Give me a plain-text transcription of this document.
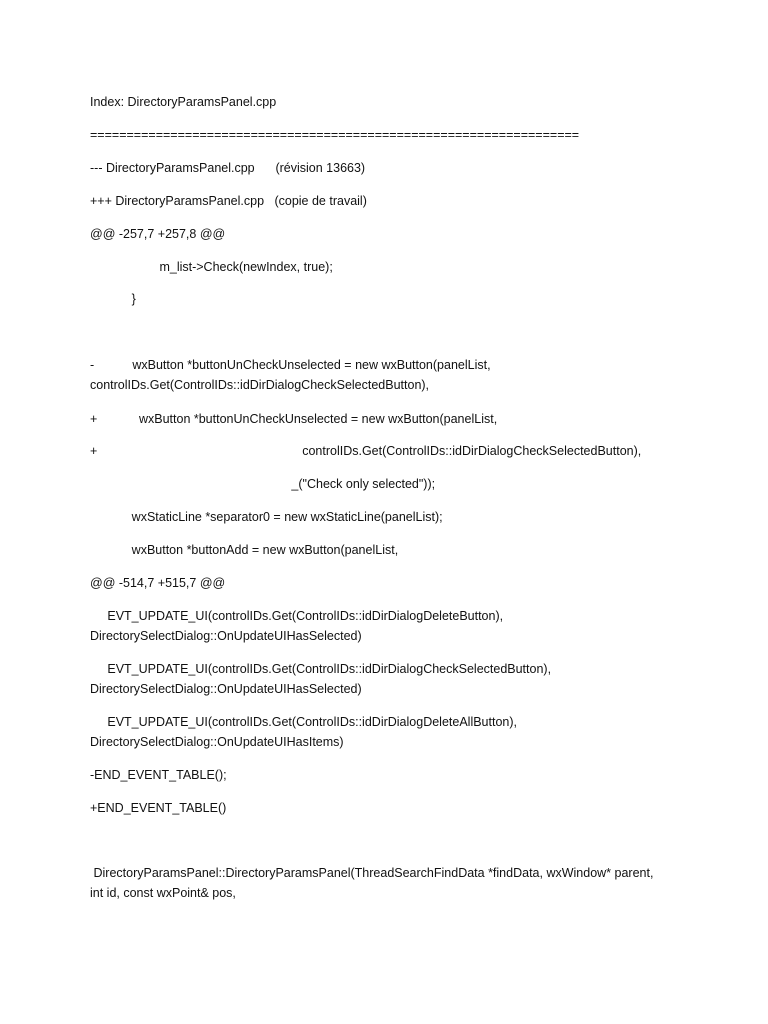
Index: DirectoryParamsPanel.cpp
===================================================================
--- DirectoryParamsPanel.cpp      (révision 13663)
+++ DirectoryParamsPanel.cpp   (copie de travail)
@@ -257,7 +257,8 @@
m_list->Check(newIndex, true);
}
-           wxButton *buttonUnCheckUnselected = new wxButton(panelList,
controlIDs.Get(ControlIDs::idDirDialogCheckSelectedButton),
+            wxButton *buttonUnCheckUnselected = new wxButton(panelList,
+                                                           controlIDs.Get(ControlIDs::idDirDialogCheckSelectedButton),
_("Check only selected"));
wxStaticLine *separator0 = new wxStaticLine(panelList);
wxButton *buttonAdd = new wxButton(panelList,
@@ -514,7 +515,7 @@
EVT_UPDATE_UI(controlIDs.Get(ControlIDs::idDirDialogDeleteButton),
DirectorySelectDialog::OnUpdateUIHasSelected)
EVT_UPDATE_UI(controlIDs.Get(ControlIDs::idDirDialogCheckSelectedButton),
DirectorySelectDialog::OnUpdateUIHasSelected)
EVT_UPDATE_UI(controlIDs.Get(ControlIDs::idDirDialogDeleteAllButton),
DirectorySelectDialog::OnUpdateUIHasItems)
-END_EVENT_TABLE();
+END_EVENT_TABLE()
DirectoryParamsPanel::DirectoryParamsPanel(ThreadSearchFindData *findData, wxWindow* parent,
int id, const wxPoint& pos,
